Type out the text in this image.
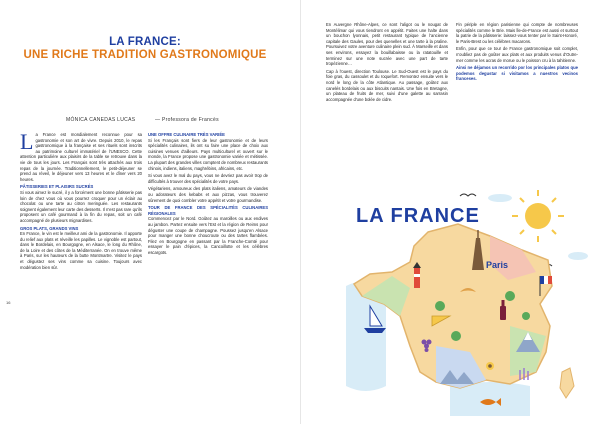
LA FRANCE:
UNE RICHE TRADITION GASTRONOMIQUE
MÓNICA CANEDAS LUCAS	— Professora de Francès

La France est mondialement reconnue pour sa gastronomie et son art de vivre. Depuis 2010, le repas gastronomique à la française et ses rituels sont inscrits au patrimoine culturel immatériel de l'UNESCO. Cette attention particulière aux plaisirs de la table se retrouve dans la vie de tous les jours. Les Français sont très attachés aux trois repas de la journée. Traditionnellement, le petit-déjeuner se prend au réveil, le déjeuner vers 13 heures et le dîner vers 20 heures.

PÂTISSERIES ET PLAISIRS SUCRÉS

Si vous aimez le sucré, il y a forcément une bonne pâtisserie pas loin de chez vous où vous pourrez croquer pour un éclair au chocolat ou une tarte au citron meringuée. Les restaurants soignent également leur carte des desserts. Il n'est pas rare qu'ils proposent un café gourmand à la fin du repas, soit un café accompagné de plusieurs mignardises.

GROS PLATS, GRANDS VINS

En France, le vin est le meilleur ami de la gastronomie. Il apporte du relief aux plats et réveille les papilles. Le vignoble est partout, dans le Bordelais, en Bourgogne, en Alsace, le long du Rhône, de la Loire et des côtes de la Méditerranée. On en trouve même à Paris, sur les hauteurs de la butte Montmartre. Visitez le pays et dégustez ses vins comme sa cuisine. Toujours avec modération bien sûr.

UNE OFFRE CULINAIRE TRÈS VARIÉE

Si les Français sont fiers de leur gastronomie et de leurs spécialités culinaires, ils ont su faire une place de choix aux cuisines venues d'ailleurs. Pays multiculturel et ouvert sur le monde, la France propose une gastronomie variée et métissée. La plupart des grandes villes comptent de nombreux restaurants chinois, indiens, italiens, maghrébins, africains, etc.

Si vous avez le mal du pays, vous ne devriez pas avoir trop de difficultés à trouver des spécialités de votre pays.

Végétariens, amoureux des plats italiens, amateurs de viandes ou adorateurs des kebabs et aux pizzas, vous trouverez sûrement de quoi combler votre appétit et votre gourmandise.

TOUR DE FRANCE DES SPÉCIALITÉS CULINAIRES RÉGIONALES

Commencez par le Nord. Goûtez au maroilles ou aux endives au jambon. Partez ensuite vers l'Est et la région de Reims pour déguster une coupe de champagne. Poussez jusqu'en Alsace pour manger une bonne choucroute ou des tartes flambées. Filez en Bourgogne en passant par la Franche-Comté pour essayer le pain d'épices, la Cancoillotte et les célèbres escargots.

En Auvergne Rhône-Alpes, ce sont l'aligot ou le nougat de Montélimar qui vous tiendront en appétit. Faites une halte dans un bouchon lyonnais, petit restaurant typique de l'ancienne capitale des Gaules, pour des quenelles et une tarte à la praline. Poursuivez votre aventure culinaire plein sud. À Marseille et dans ses environs, essayez la bouillabaisse ou la ratatouille et terminez sur une note sucrée avec une part de tarte tropézienne…

Cap à l'ouest, direction Toulouse. Le Sud-Ouest est le pays du foie gras, du cassoulet et du roquefort. Remontez ensuite vers le nord le long de la côte Atlantique. Au passage, goûtez aux canelés bordelais ou aux biscuits nantais. Une fois en Bretagne, un plateau de fruits de mer, suivi d'une galette au sarrasin accompagnée d'une bolée de cidre.

Fin périple en région parisienne qui compte de nombreuses spécialités comme le Brie. Mais Île-de-France est aussi et surtout la patrie de la pâtisserie: laissez-vous tenter par le Saint-Honoré, le Paris-Brest ou les célèbres macarons.

Enfin, pour que ce tour de France gastronomique soit complet, n'oubliez pas de goûter aux plats et aux produits venus d'Outre-mer comme les acras de morue ou le poisson cru à la tahitienne.

Ainsi ne déjamos un recorrido por los principales platos que podemos degustar si visitamos a nuestros vecinos franceses.

16
LA FRANCE
Paris
